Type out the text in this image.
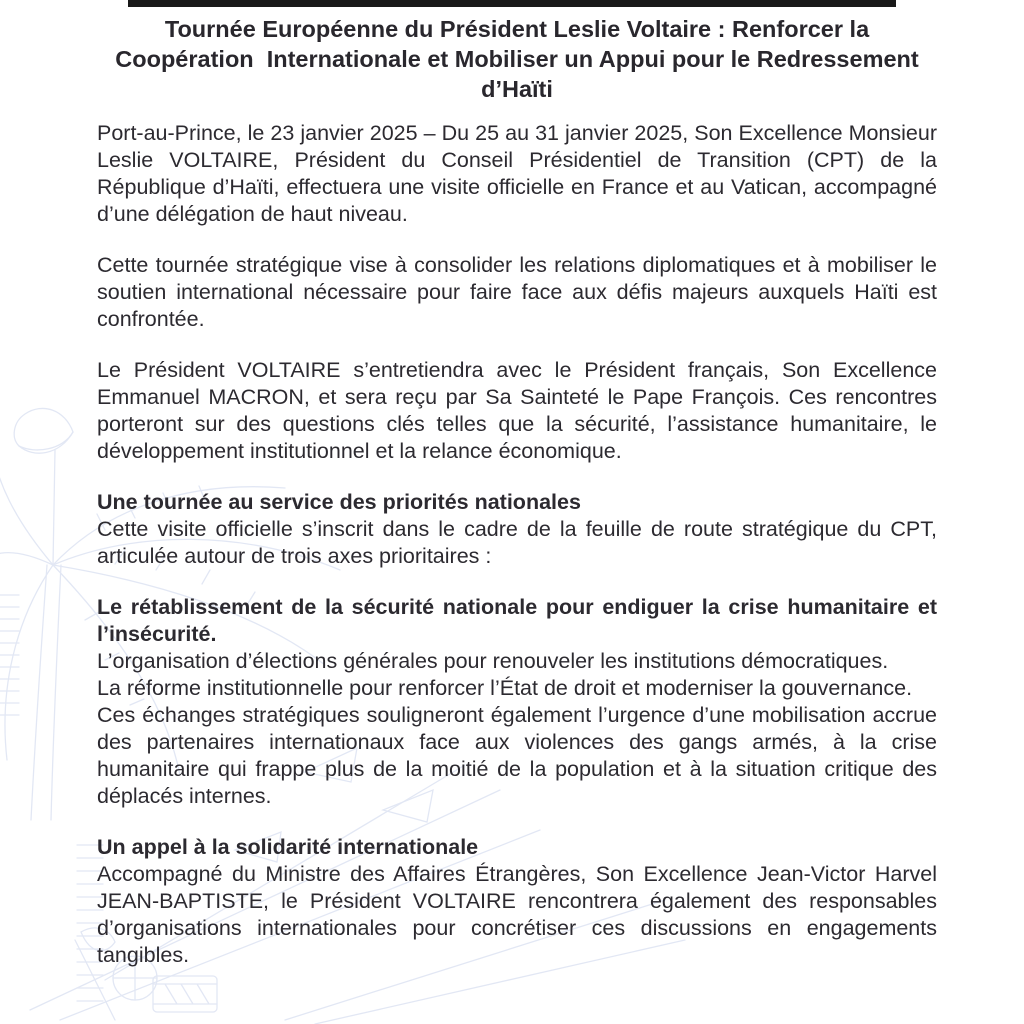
Tournée Européenne du Président Leslie Voltaire : Renforcer la Coopération  Internationale et Mobiliser un Appui pour le Redressement d’Haïti

Port-au-Prince, le 23 janvier 2025 – Du 25 au 31 janvier 2025, Son Excellence Monsieur Leslie VOLTAIRE, Président du Conseil Présidentiel de Transition (CPT) de la République d’Haïti, effectuera une visite officielle en France et au Vatican, accompagné d’une délégation de haut niveau.

Cette tournée stratégique vise à consolider les relations diplomatiques et à mobiliser le soutien international nécessaire pour faire face aux défis majeurs auxquels Haïti est confrontée.

Le Président VOLTAIRE s’entretiendra avec le Président français, Son Excellence Emmanuel MACRON, et sera reçu par Sa Sainteté le Pape François. Ces rencontres porteront sur des questions clés telles que la sécurité, l’assistance humanitaire, le développement institutionnel et la relance économique.

Une tournée au service des priorités nationales

Cette visite officielle s’inscrit dans le cadre de la feuille de route stratégique du CPT, articulée autour de trois axes prioritaires :

Le rétablissement de la sécurité nationale pour endiguer la crise humanitaire et l’insécurité.

L’organisation d’élections générales pour renouveler les institutions démocratiques.

La réforme institutionnelle pour renforcer l’État de droit et moderniser la gouvernance.

Ces échanges stratégiques souligneront également l’urgence d’une mobilisation accrue des partenaires internationaux face aux violences des gangs armés, à la crise humanitaire qui frappe plus de la moitié de la population et à la situation critique des déplacés internes.

Un appel à la solidarité internationale

Accompagné du Ministre des Affaires Étrangères, Son Excellence Jean-Victor Harvel JEAN-BAPTISTE, le Président VOLTAIRE rencontrera également des responsables d’organisations internationales pour concrétiser ces discussions en engagements tangibles.
